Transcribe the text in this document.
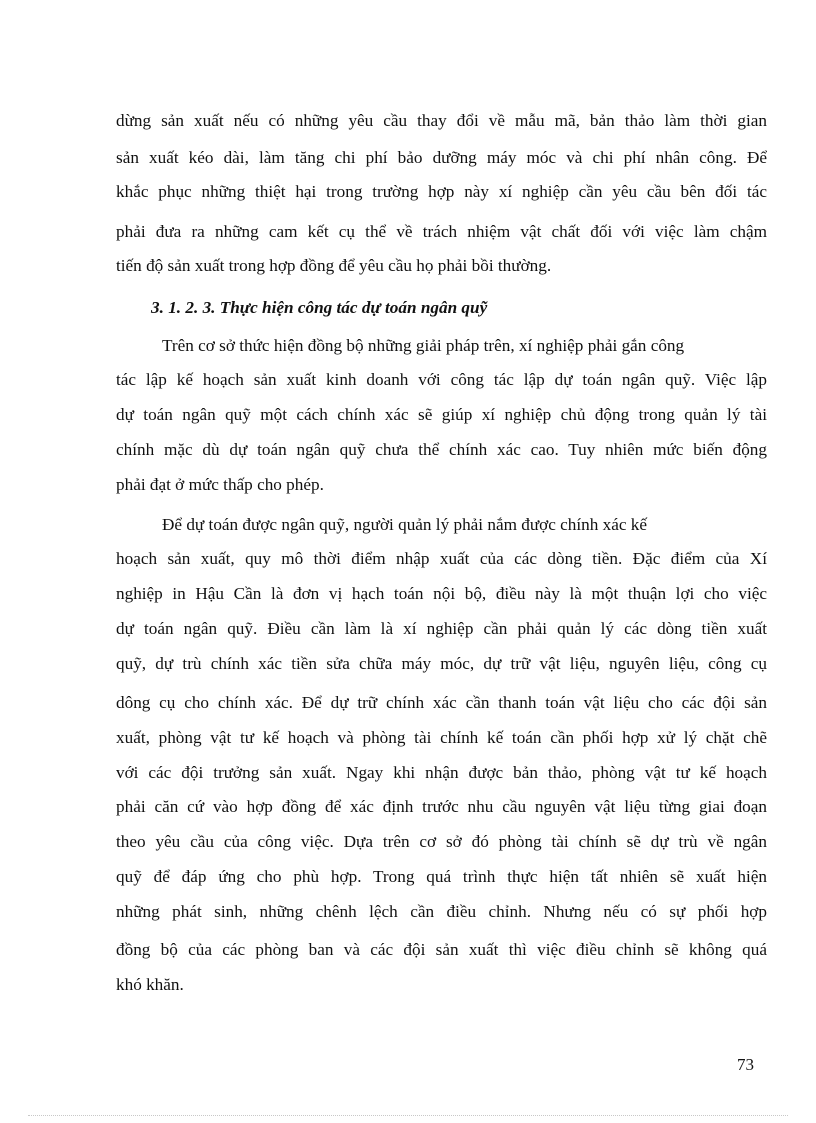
dừng sản xuất nếu có những yêu cầu thay đổi về mẫu mã, bản thảo làm thời gian

sản xuất kéo dài, làm tăng chi phí bảo dưỡng máy móc và chi phí nhân công. Để

khắc phục những thiệt hại trong trường hợp này xí nghiệp cần yêu cầu bên đối tác

phải đưa ra những cam kết cụ thể về trách nhiệm vật chất đối với việc làm chậm

tiến độ sản xuất trong hợp đồng để yêu cầu họ phải bồi thường.

3. 1. 2. 3. Thực hiện công tác dự toán ngân quỹ

Trên cơ sở thức hiện đồng bộ những giải pháp trên, xí nghiệp phải gắn công

tác lập kế hoạch sản xuất kinh doanh với công tác lập dự toán ngân quỹ. Việc lập

dự toán ngân quỹ một cách chính xác sẽ giúp xí nghiệp chủ động trong quản lý tài

chính mặc dù dự toán ngân quỹ chưa thể chính xác cao. Tuy nhiên mức biến động

phải đạt ở mức thấp cho phép.

Để dự toán được ngân quỹ, người quản lý phải nắm được chính xác kế

hoạch sản xuất, quy mô thời điểm nhập xuất của các dòng tiền. Đặc điểm của Xí

nghiệp in Hậu Cần là đơn vị hạch toán nội bộ, điều này là một thuận lợi cho việc

dự toán ngân quỹ. Điều cần làm là xí nghiệp cần phải quản lý các dòng tiền xuất

quỹ, dự trù chính xác tiền sửa chữa máy móc, dự trữ vật liệu, nguyên liệu, công cụ

dông cụ cho chính xác. Để dự trữ chính xác cần thanh toán vật liệu cho các đội sản

xuất, phòng vật tư kế hoạch và phòng tài chính kế toán cần phối hợp xử lý chặt chẽ

với các đội trưởng sản xuất. Ngay khi nhận được bản thảo, phòng vật tư kế hoạch

phải căn cứ vào hợp đồng để xác định trước nhu cầu nguyên vật liệu từng giai đoạn

theo yêu cầu của công việc. Dựa trên cơ sở đó phòng tài chính sẽ dự trù về ngân

quỹ để đáp ứng cho phù hợp. Trong quá trình thực hiện tất nhiên sẽ xuất hiện

những phát sinh, những chênh lệch cần điều chỉnh. Nhưng nếu có sự phối hợp

đồng bộ của các phòng ban và các đội sản xuất thì việc điều chỉnh sẽ không quá

khó khăn.

73
